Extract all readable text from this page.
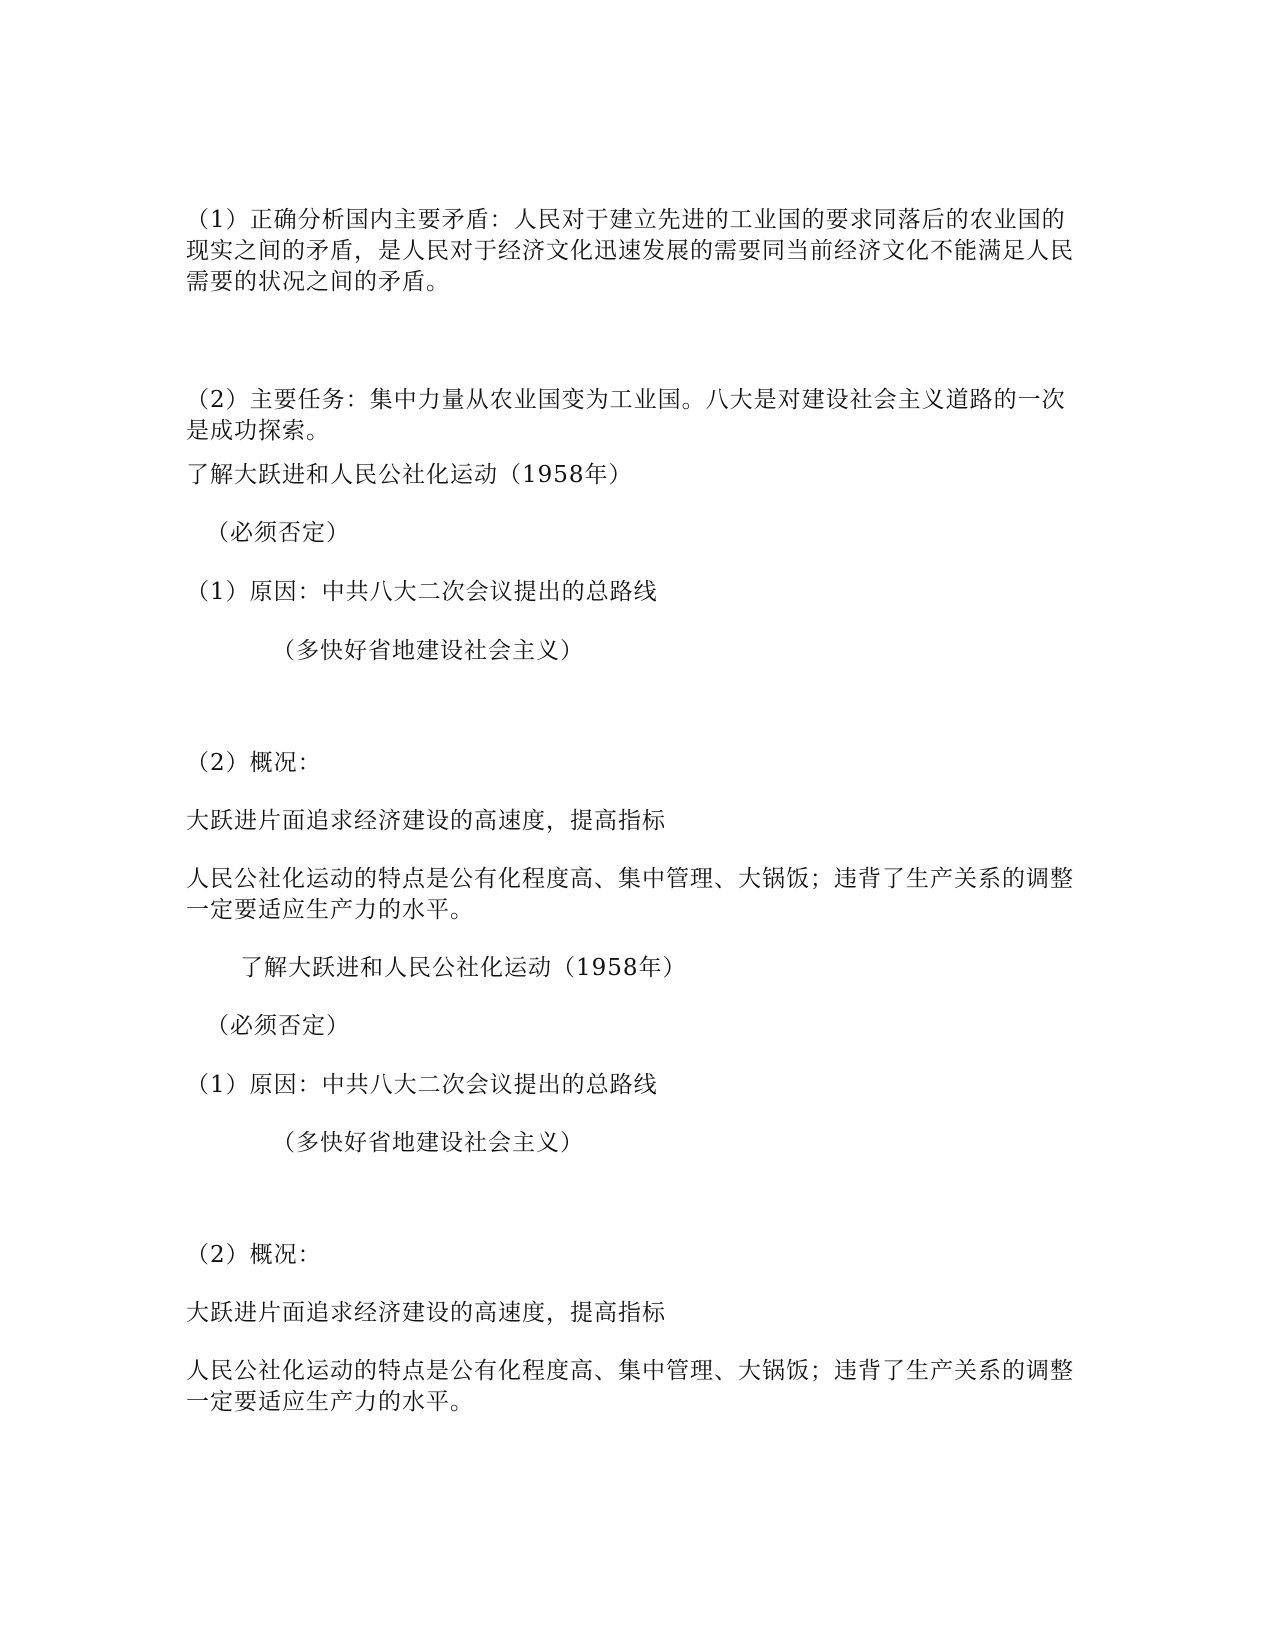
（1）正确分析国内主要矛盾：人民对于建立先进的工业国的要求同落后的农业国的现实之间的矛盾，是人民对于经济文化迅速发展的需要同当前经济文化不能满足人民需要的状况之间的矛盾。

（2）主要任务：集中力量从农业国变为工业国。八大是对建设社会主义道路的一次是成功探索。

了解大跃进和人民公社化运动（1958年）

（必须否定）

（1）原因：中共八大二次会议提出的总路线

（多快好省地建设社会主义）

（2）概况：

大跃进片面追求经济建设的高速度，提高指标

人民公社化运动的特点是公有化程度高、集中管理、大锅饭；违背了生产关系的调整一定要适应生产力的水平。

了解大跃进和人民公社化运动（1958年）

（必须否定）

（1）原因：中共八大二次会议提出的总路线

（多快好省地建设社会主义）

（2）概况：

大跃进片面追求经济建设的高速度，提高指标

人民公社化运动的特点是公有化程度高、集中管理、大锅饭；违背了生产关系的调整一定要适应生产力的水平。
